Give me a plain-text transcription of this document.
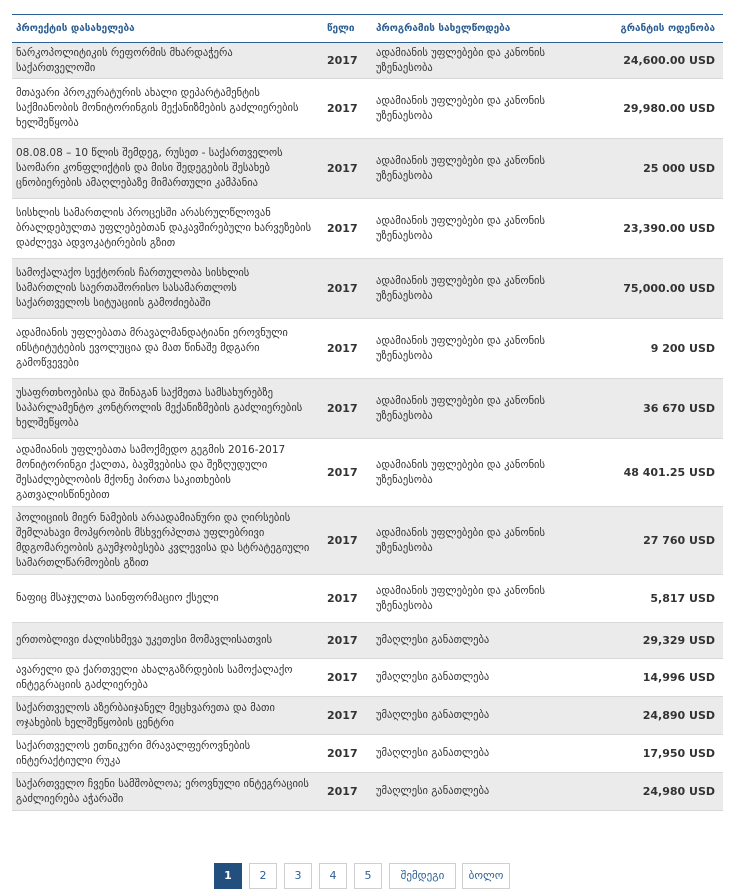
პროექტის დასახელება	წელი	პროგრამის სახელწოდება	გრანტის ოდენობა
ნარკოპოლიტიკის რეფორმის მხარდაჭერა საქართველოში	2017	ადამიანის უფლებები და კანონის უზენაესობა	24,600.00 USD
მთავარი პროკურატურის ახალი დეპარტამენტის საქმიანობის მონიტორინგის მექანიზმების გაძლიერების ხელშეწყობა	2017	ადამიანის უფლებები და კანონის უზენაესობა	29,980.00 USD
08.08.08 – 10 წლის შემდეგ, რუსეთ - საქართველოს საომარი კონფლიქტის და მისი შედეგების შესახებ ცნობიერების ამაღლებაზე მიმართული კამპანია	2017	ადამიანის უფლებები და კანონის უზენაესობა	25 000 USD
სისხლის სამართლის პროცესში არასრულწლოვან ბრალდებულთა უფლებებთან დაკავშირებული ხარვეზების დაძლევა ადვოკატირების გზით	2017	ადამიანის უფლებები და კანონის უზენაესობა	23,390.00 USD
სამოქალაქო სექტორის ჩართულობა სისხლის სამართლის საერთაშორისო სასამართლოს საქართველოს სიტუაციის გამოძიებაში	2017	ადამიანის უფლებები და კანონის უზენაესობა	75,000.00 USD
ადამიანის უფლებათა მრავალმანდატიანი ეროვნული ინსტიტუტების ევოლუცია და მათ წინაშე მდგარი გამოწვევები	2017	ადამიანის უფლებები და კანონის უზენაესობა	9 200 USD
უსაფრთხოებისა და შინაგან საქმეთა სამსახურებზე საპარლამენტო კონტროლის მექანიზმების გაძლიერების ხელშეწყობა	2017	ადამიანის უფლებები და კანონის უზენაესობა	36 670 USD
ადამიანის უფლებათა სამოქმედო გეგმის 2016-2017 მონიტორინგი ქალთა, ბავშვებისა და შეზღუდული შესაძლებლობის მქონე პირთა საკითხების გათვალისწინებით	2017	ადამიანის უფლებები და კანონის უზენაესობა	48 401.25 USD
პოლიციის მიერ ნამების არაადამიანური და ღირსების შემლახავი მოპყრობის მსხვერპლთა უფლებრივი მდგომარეობის გაუმჯობესება კვლევისა და სტრატეგიული სამართლწარმოების გზით	2017	ადამიანის უფლებები და კანონის უზენაესობა	27 760 USD
ნაფიც მსაჯულთა საინფორმაციო ქსელი	2017	ადამიანის უფლებები და კანონის უზენაესობა	5,817 USD
ერთობლივი ძალისხმევა უკეთესი მომავლისათვის	2017	უმაღლესი განათლება	29,329 USD
ავარელი და ქართველი ახალგაზრდების სამოქალაქო ინტეგრაციის გაძლიერება	2017	უმაღლესი განათლება	14,996 USD
საქართველოს აზერბაიჯანელ მეცხვარეთა და მათი ოჯახების ხელშეწყობის ცენტრი	2017	უმაღლესი განათლება	24,890 USD
საქართველოს ეთნიკური მრავალფეროვნების ინტერაქტიული რუკა	2017	უმაღლესი განათლება	17,950 USD
საქართველო ჩვენი სამშობლოა; ეროვნული ინტეგრაციის გაძლიერება აჭარაში	2017	უმაღლესი განათლება	24,980 USD
1	2	3	4	5	შემდეგი	ბოლო
